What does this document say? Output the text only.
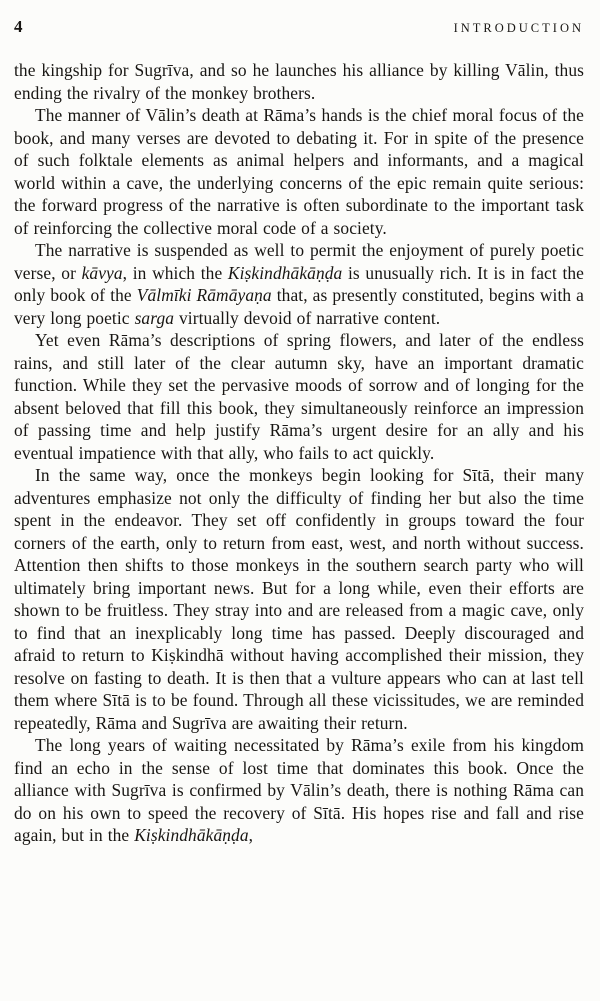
4	INTRODUCTION

the kingship for Sugrīva, and so he launches his alliance by killing Vālin, thus ending the rivalry of the monkey brothers.

The manner of Vālin’s death at Rāma’s hands is the chief moral focus of the book, and many verses are devoted to debating it. For in spite of the presence of such folktale elements as animal helpers and informants, and a magical world within a cave, the underlying concerns of the epic remain quite serious: the forward progress of the narrative is often subordinate to the important task of reinforcing the collective moral code of a society.

The narrative is suspended as well to permit the enjoyment of purely poetic verse, or kāvya, in which the Kiṣkindhākāṇḍa is unusually rich. It is in fact the only book of the Vālmīki Rāmāyaṇa that, as presently constituted, begins with a very long poetic sarga virtually devoid of narrative content.

Yet even Rāma’s descriptions of spring flowers, and later of the endless rains, and still later of the clear autumn sky, have an important dramatic function. While they set the pervasive moods of sorrow and of longing for the absent beloved that fill this book, they simultaneously reinforce an impression of passing time and help justify Rāma’s urgent desire for an ally and his eventual impatience with that ally, who fails to act quickly.

In the same way, once the monkeys begin looking for Sītā, their many adventures emphasize not only the difficulty of finding her but also the time spent in the endeavor. They set off confidently in groups toward the four corners of the earth, only to return from east, west, and north without success. Attention then shifts to those monkeys in the southern search party who will ultimately bring important news. But for a long while, even their efforts are shown to be fruitless. They stray into and are released from a magic cave, only to find that an inexplicably long time has passed. Deeply discouraged and afraid to return to Kiṣkindhā without having accomplished their mission, they resolve on fasting to death. It is then that a vulture appears who can at last tell them where Sītā is to be found. Through all these vicissitudes, we are reminded repeatedly, Rāma and Sugrīva are awaiting their return.

The long years of waiting necessitated by Rāma’s exile from his kingdom find an echo in the sense of lost time that dominates this book. Once the alliance with Sugrīva is confirmed by Vālin’s death, there is nothing Rāma can do on his own to speed the recovery of Sītā. His hopes rise and fall and rise again, but in the Kiṣkindhākāṇḍa,
